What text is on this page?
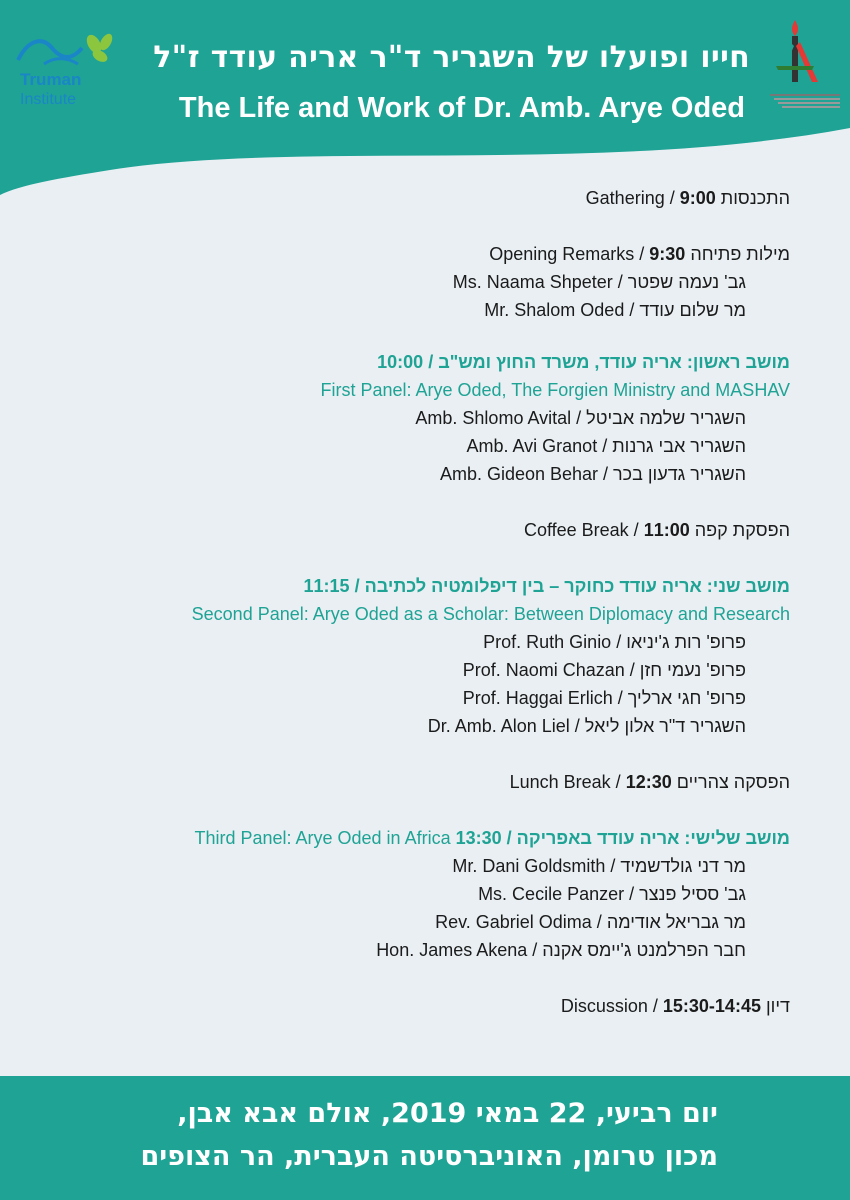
Truman
Institute
חייו ופועלו של השגריר ד"ר אריה עודד ז"ל
The Life and Work of Dr. Amb. Arye Oded
Gathering / התכנסות 9:00
Opening Remarks / מילות פתיחה 9:30
Ms. Naama Shpeter / גב' נעמה שפטר
Mr. Shalom Oded / מר שלום עודד
מושב ראשון: אריה עודד, משרד החוץ ומש"ב / 10:00
First Panel: Arye Oded, The Forgien Ministry and MASHAV
Amb. Shlomo Avital / השגריר שלמה אביטל
Amb. Avi Granot / השגריר אבי גרנות
Amb. Gideon Behar / השגריר גדעון בכר
Coffee Break / הפסקת קפה 11:00
מושב שני: אריה עודד כחוקר – בין דיפלומטיה לכתיבה / 11:15
Second Panel: Arye Oded as a Scholar: Between Diplomacy and Research
Prof. Ruth Ginio / פרופ' רות ג'יניאו
Prof. Naomi Chazan / פרופ' נעמי חזן
Prof. Haggai Erlich / פרופ' חגי ארליך
Dr. Amb. Alon Liel / השגריר ד"ר אלון ליאל
Lunch Break / הפסקה צהריים 12:30
Third Panel: Arye Oded in Africa	מושב שלישי: אריה עודד באפריקה / 13:30
Mr. Dani Goldsmith / מר דני גולדשמיד
Ms. Cecile Panzer / גב' ססיל פנצר
Rev. Gabriel Odima / מר גבריאל אודימה
Hon. James Akena / חבר הפרלמנט ג'יימס אקנה
Discussion / דיון 15:30-14:45
יום רביעי, 22 במאי 2019, אולם אבא אבן,
מכון טרומן, האוניברסיטה העברית, הר הצופים
